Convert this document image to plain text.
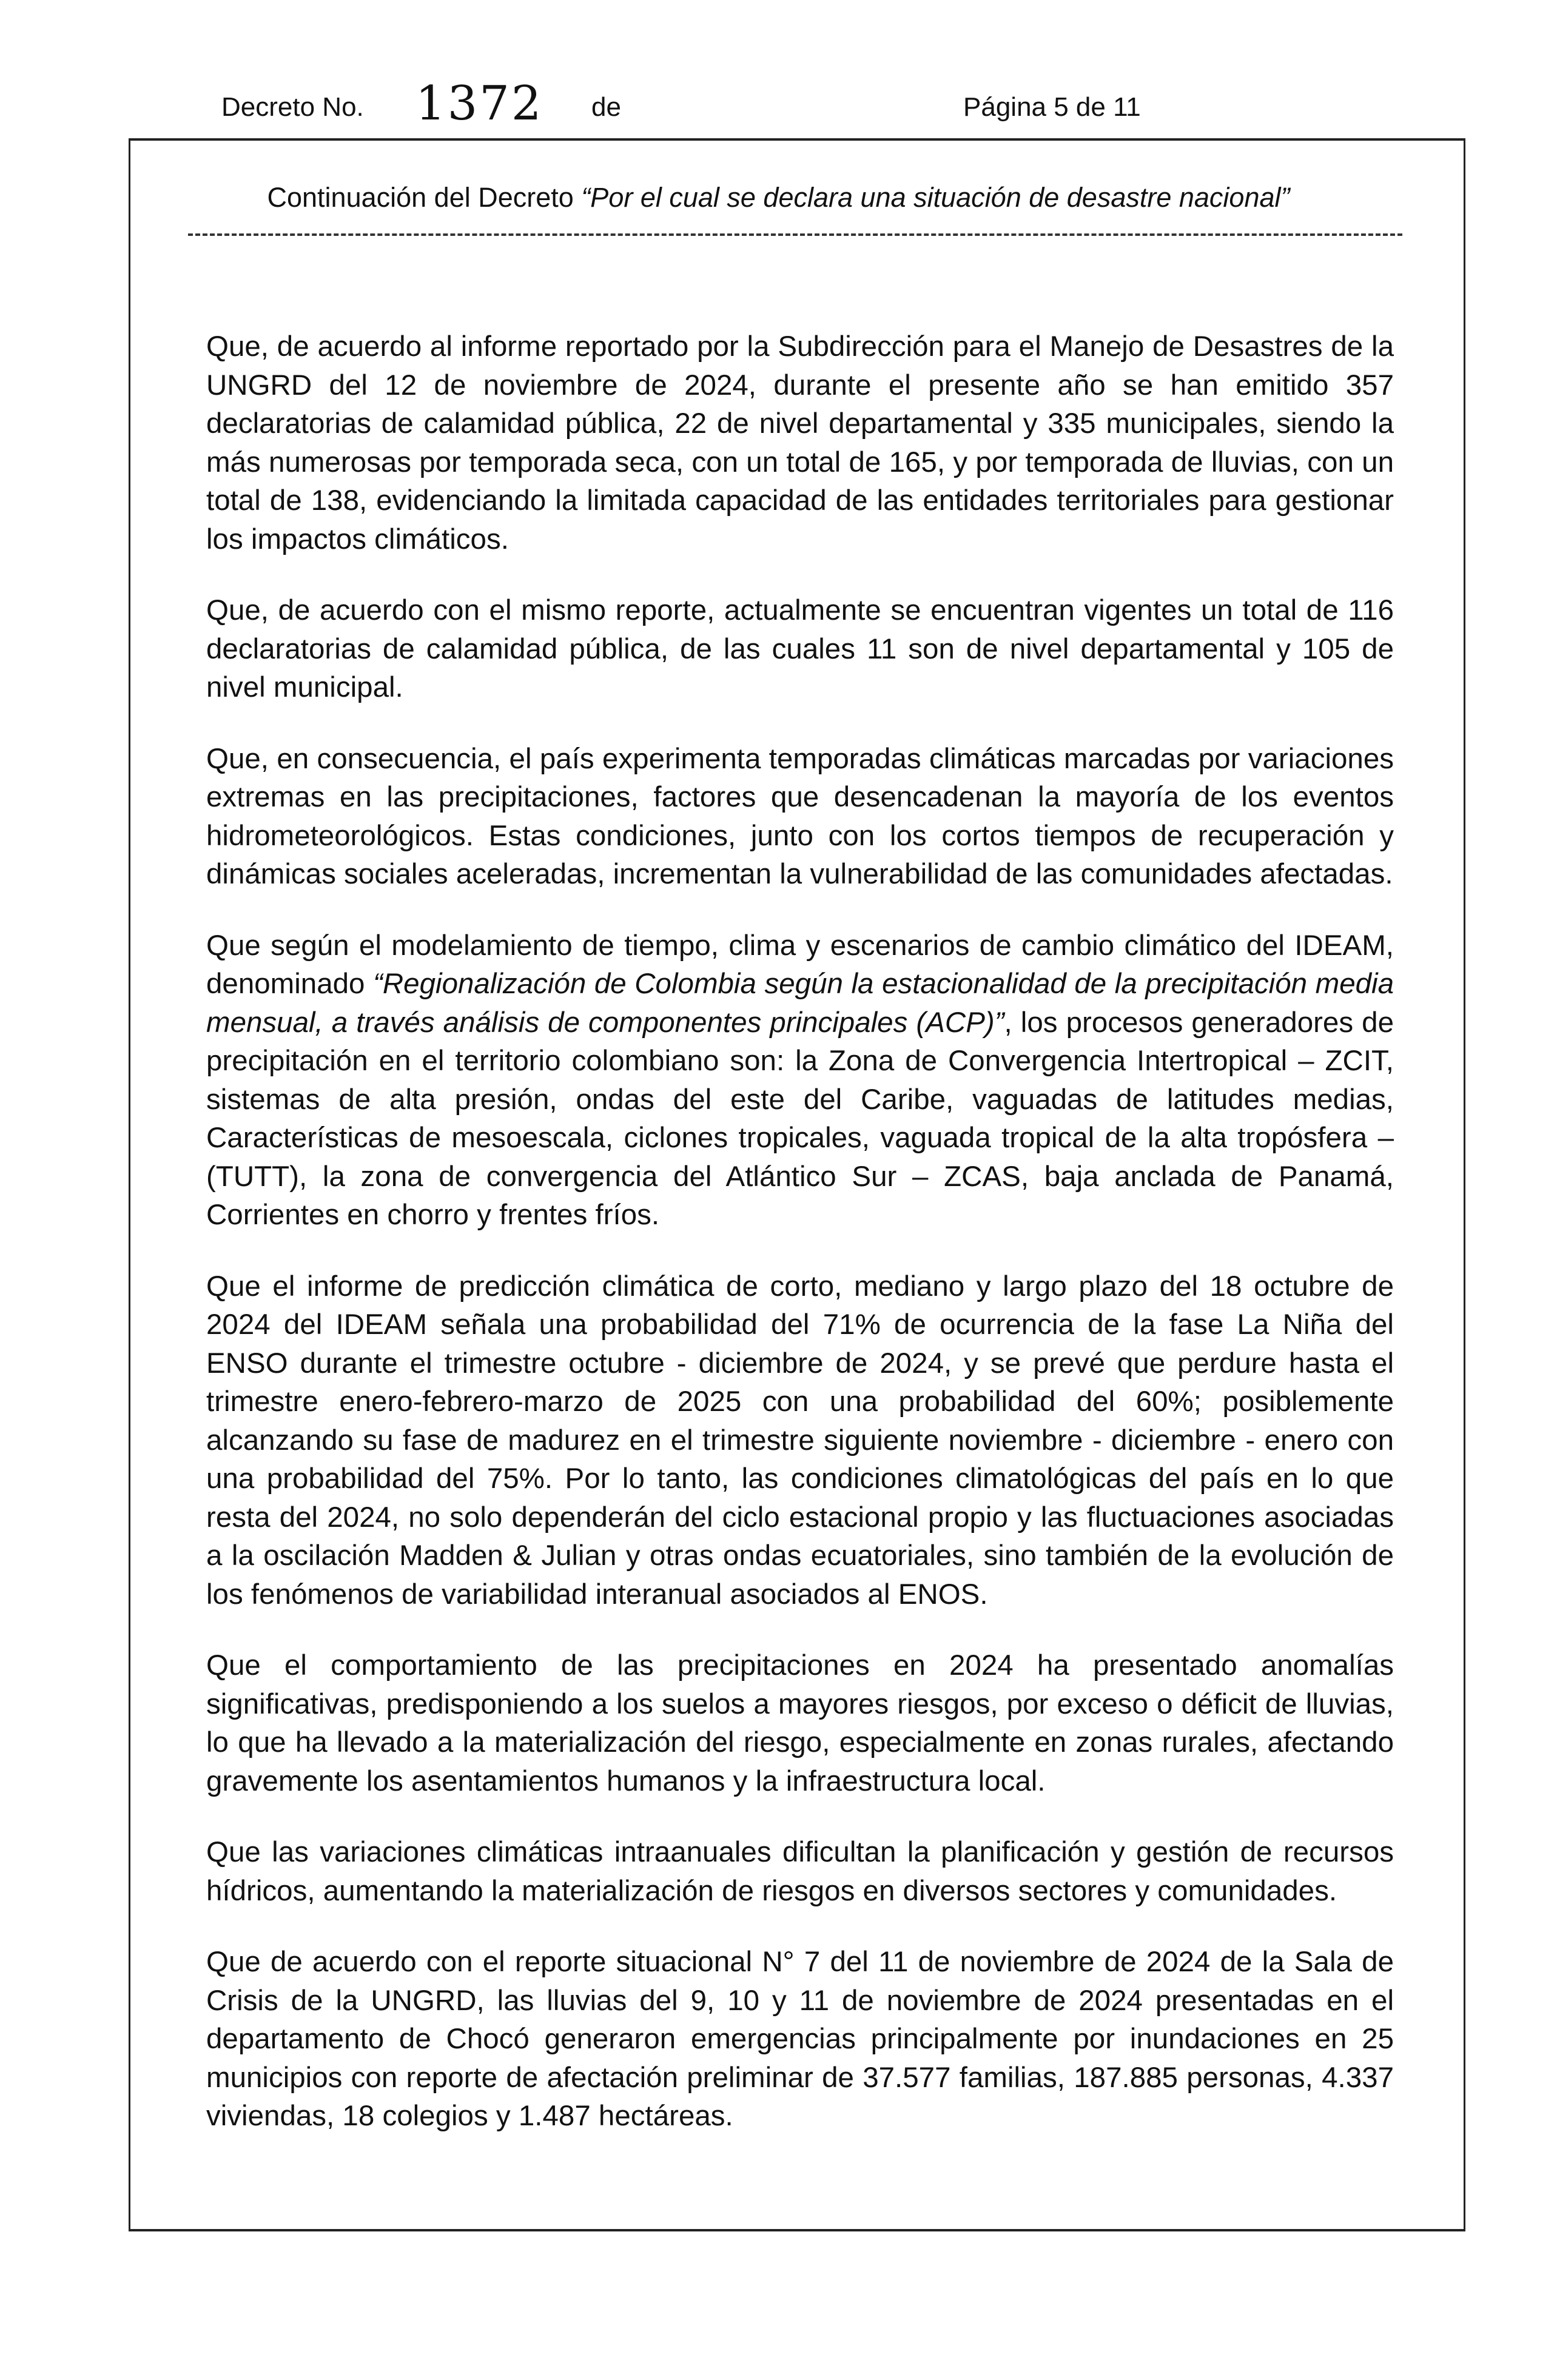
Decreto No. 1372 de	Página 5 de 11
Continuación del Decreto “Por el cual se declara una situación de desastre nacional”

Que, de acuerdo al informe reportado por la Subdirección para el Manejo de Desastres de la UNGRD del 12 de noviembre de 2024, durante el presente año se han emitido 357 declaratorias de calamidad pública, 22 de nivel departamental y 335 municipales, siendo la más numerosas por temporada seca, con un total de 165, y por temporada de lluvias, con un total de 138, evidenciando la limitada capacidad de las entidades territoriales para gestionar los impactos climáticos.

Que, de acuerdo con el mismo reporte, actualmente se encuentran vigentes un total de 116 declaratorias de calamidad pública, de las cuales 11 son de nivel departamental y 105 de nivel municipal.

Que, en consecuencia, el país experimenta temporadas climáticas marcadas por variaciones extremas en las precipitaciones, factores que desencadenan la mayoría de los eventos hidrometeorológicos. Estas condiciones, junto con los cortos tiempos de recuperación y dinámicas sociales aceleradas, incrementan la vulnerabilidad de las comunidades afectadas.

Que según el modelamiento de tiempo, clima y escenarios de cambio climático del IDEAM, denominado “Regionalización de Colombia según la estacionalidad de la precipitación media mensual, a través análisis de componentes principales (ACP)”, los procesos generadores de precipitación en el territorio colombiano son: la Zona de Convergencia Intertropical – ZCIT, sistemas de alta presión, ondas del este del Caribe, vaguadas de latitudes medias, Características de mesoescala, ciclones tropicales, vaguada tropical de la alta tropósfera – (TUTT), la zona de convergencia del Atlántico Sur – ZCAS, baja anclada de Panamá, Corrientes en chorro y frentes fríos.

Que el informe de predicción climática de corto, mediano y largo plazo del 18 octubre de 2024 del IDEAM señala una probabilidad del 71% de ocurrencia de la fase La Niña del ENSO durante el trimestre octubre - diciembre de 2024, y se prevé que perdure hasta el trimestre enero-febrero-marzo de 2025 con una probabilidad del 60%; posiblemente alcanzando su fase de madurez en el trimestre siguiente noviembre - diciembre - enero con una probabilidad del 75%. Por lo tanto, las condiciones climatológicas del país en lo que resta del 2024, no solo dependerán del ciclo estacional propio y las fluctuaciones asociadas a la oscilación Madden & Julian y otras ondas ecuatoriales, sino también de la evolución de los fenómenos de variabilidad interanual asociados al ENOS.

Que el comportamiento de las precipitaciones en 2024 ha presentado anomalías significativas, predisponiendo a los suelos a mayores riesgos, por exceso o déficit de lluvias, lo que ha llevado a la materialización del riesgo, especialmente en zonas rurales, afectando gravemente los asentamientos humanos y la infraestructura local.

Que las variaciones climáticas intraanuales dificultan la planificación y gestión de recursos hídricos, aumentando la materialización de riesgos en diversos sectores y comunidades.

Que de acuerdo con el reporte situacional N° 7 del 11 de noviembre de 2024 de la Sala de Crisis de la UNGRD, las lluvias del 9, 10 y 11 de noviembre de 2024 presentadas en el departamento de Chocó generaron emergencias principalmente por inundaciones en 25 municipios con reporte de afectación preliminar de 37.577 familias, 187.885 personas, 4.337 viviendas, 18 colegios y 1.487 hectáreas.
